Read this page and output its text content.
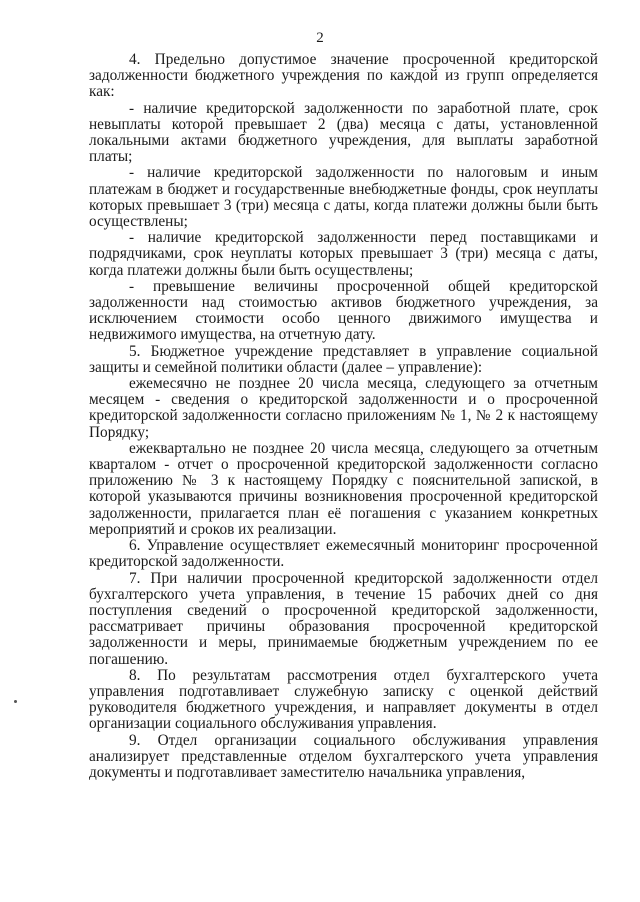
2

4. Предельно допустимое значение просроченной кредиторской задолженности бюджетного учреждения по каждой из групп определяется как:

- наличие кредиторской задолженности по заработной плате, срок невыплаты которой превышает 2 (два) месяца с даты, установленной локальными актами бюджетного учреждения, для выплаты заработной платы;

- наличие кредиторской задолженности по налоговым и иным платежам в бюджет и государственные внебюджетные фонды, срок неуплаты которых превышает 3 (три) месяца с даты, когда платежи должны были быть осуществлены;

- наличие кредиторской задолженности перед поставщиками и подрядчиками, срок неуплаты которых превышает 3 (три) месяца с даты, когда платежи должны были быть осуществлены;

- превышение величины просроченной общей кредиторской задолженности над стоимостью активов бюджетного учреждения, за исключением стоимости особо ценного движимого имущества и недвижимого имущества, на отчетную дату.

5. Бюджетное учреждение представляет в управление социальной защиты и семейной политики области (далее – управление):

ежемесячно не позднее 20 числа месяца, следующего за отчетным месяцем - сведения о кредиторской задолженности и о просроченной кредиторской задолженности согласно приложениям № 1, № 2 к настоящему Порядку;

ежеквартально не позднее 20 числа месяца, следующего за отчетным кварталом - отчет о просроченной кредиторской задолженности согласно приложению № 3 к настоящему Порядку с пояснительной запиской, в которой указываются причины возникновения просроченной кредиторской задолженности, прилагается план её погашения с указанием конкретных мероприятий и сроков их реализации.

6. Управление осуществляет ежемесячный мониторинг просроченной кредиторской задолженности.

7. При наличии просроченной кредиторской задолженности отдел бухгалтерского учета управления, в течение 15 рабочих дней со дня поступления сведений о просроченной кредиторской задолженности, рассматривает причины образования просроченной кредиторской задолженности и меры, принимаемые бюджетным учреждением по ее погашению.

8. По результатам рассмотрения отдел бухгалтерского учета управления подготавливает служебную записку с оценкой действий руководителя бюджетного учреждения, и направляет документы в отдел организации социального обслуживания управления.

9. Отдел организации социального обслуживания управления анализирует представленные отделом бухгалтерского учета управления документы и подготавливает заместителю начальника управления,
